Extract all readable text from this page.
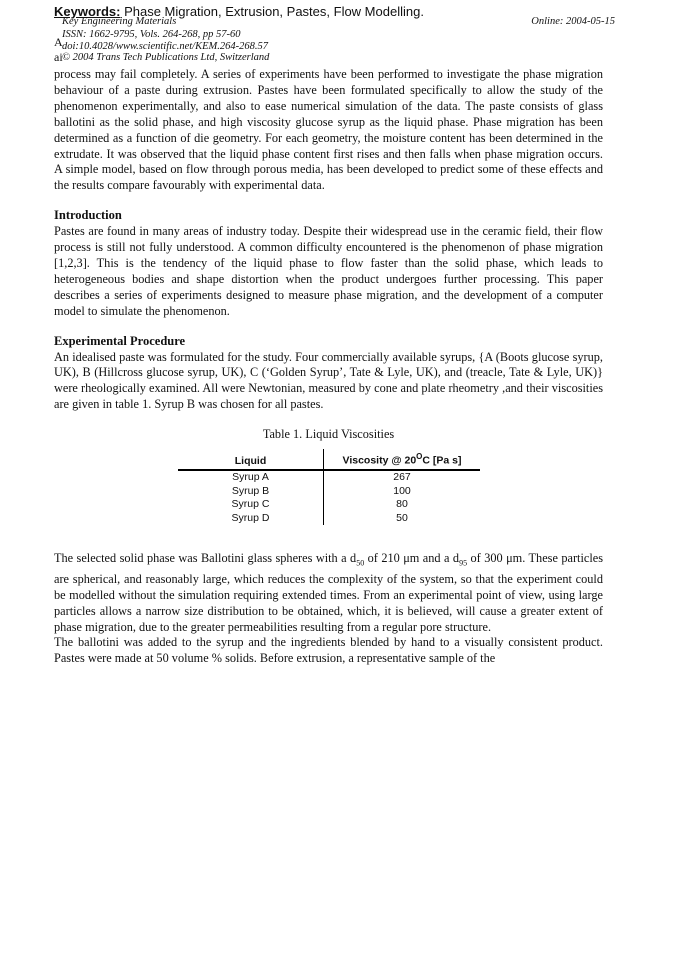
Keywords: Phase Migration, Extrusion, Pastes, Flow Modelling.
Key Engineering Materials
ISSN: 1662-9795, Vols. 264-268, pp 57-60
A doi:10.4028/www.scientific.net/KEM.264-268.57
ai © 2004 Trans Tech Publications Ltd, Switzerland
Online: 2004-05-15

process may fail completely. A series of experiments have been performed to investigate the phase migration behaviour of a paste during extrusion. Pastes have been formulated specifically to allow the study of the phenomenon experimentally, and also to ease numerical simulation of the data. The paste consists of glass ballotini as the solid phase, and high viscosity glucose syrup as the liquid phase. Phase migration has been determined as a function of die geometry. For each geometry, the moisture content has been determined in the extrudate. It was observed that the liquid phase content first rises and then falls when phase migration occurs. A simple model, based on flow through porous media, has been developed to predict some of these effects and the results compare favourably with experimental data.

Introduction

Pastes are found in many areas of industry today. Despite their widespread use in the ceramic field, their flow process is still not fully understood. A common difficulty encountered is the phenomenon of phase migration [1,2,3]. This is the tendency of the liquid phase to flow faster than the solid phase, which leads to heterogeneous bodies and shape distortion when the product undergoes further processing. This paper describes a series of experiments designed to measure phase migration, and the development of a computer model to simulate the phenomenon.

Experimental Procedure

An idealised paste was formulated for the study. Four commercially available syrups, {A (Boots glucose syrup, UK), B (Hillcross glucose syrup, UK), C (‘Golden Syrup’, Tate & Lyle, UK), and (treacle, Tate & Lyle, UK)} were rheologically examined. All were Newtonian, measured by cone and plate rheometry ,and their viscosities are given in table 1. Syrup B was chosen for all pastes.

Table 1. Liquid Viscosities
Liquid	Viscosity @ $20^OC$ [Pa s]
Syrup A	267
Syrup B	100
Syrup C	80
Syrup D	50

The selected solid phase was Ballotini glass spheres with a $d_{50}$ of 210 μm and a $d_{95}$ of 300 μm. These particles are spherical, and reasonably large, which reduces the complexity of the system, so that the experiment could be modelled without the simulation requiring extended times. From an experimental point of view, using large particles allows a narrow size distribution to be obtained, which, it is believed, will cause a greater extent of phase migration, due to the greater permeabilities resulting from a regular pore structure.

The ballotini was added to the syrup and the ingredients blended by hand to a visually consistent product. Pastes were made at 50 volume % solids. Before extrusion, a representative sample of the
